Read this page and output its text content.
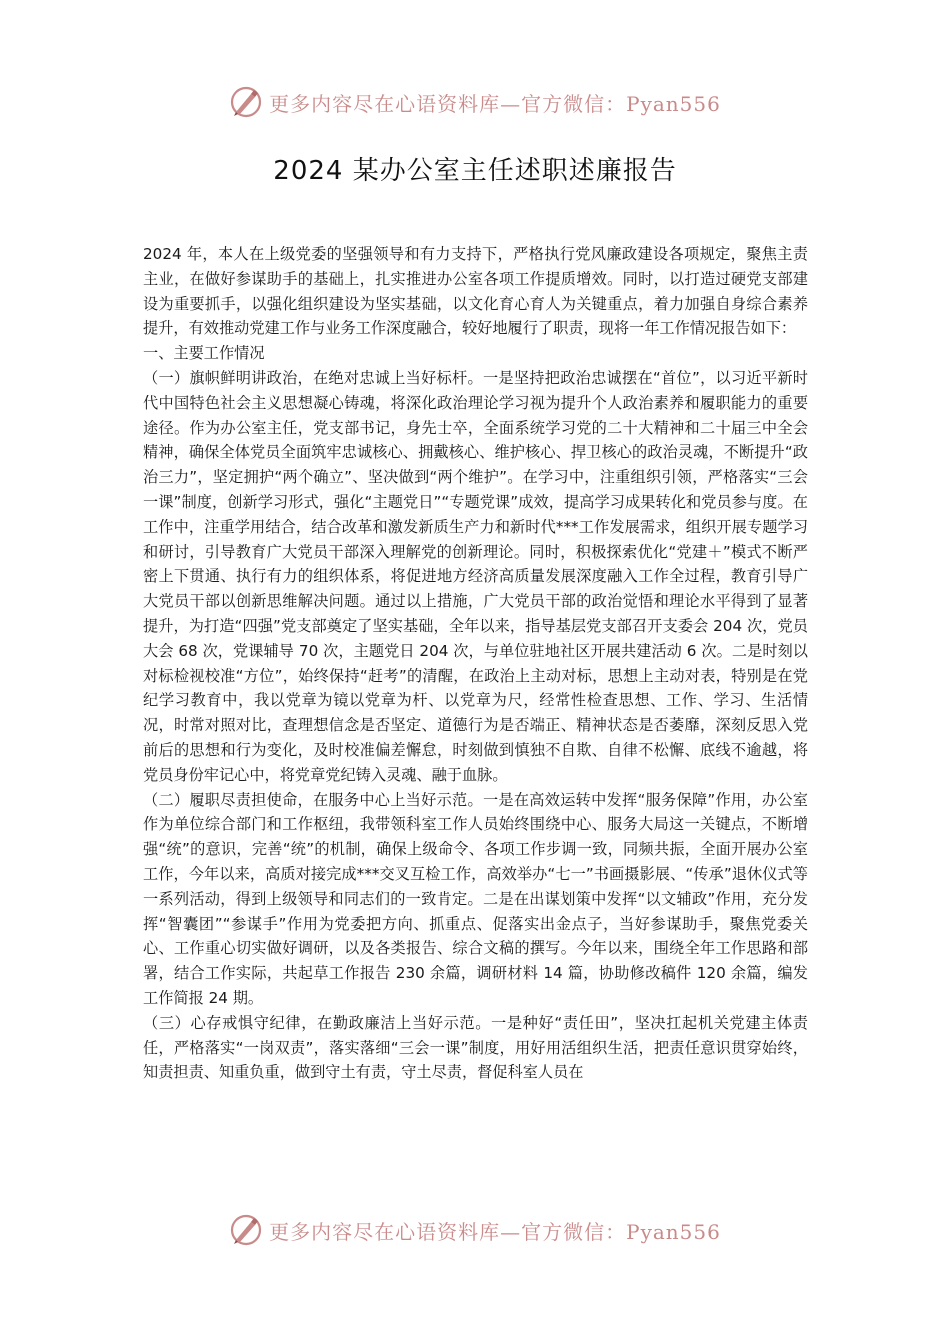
更多内容尽在心语资料库—官方微信：Pyan556
2024 某办公室主任述职述廉报告

2024 年，本人在上级党委的坚强领导和有力支持下，严格执行党风廉政建设各项规定，聚焦主责主业，在做好参谋助手的基础上，扎实推进办公室各项工作提质增效。同时，以打造过硬党支部建设为重要抓手，以强化组织建设为坚实基础，以文化育心育人为关键重点，着力加强自身综合素养提升，有效推动党建工作与业务工作深度融合，较好地履行了职责，现将一年工作情况报告如下：

一、主要工作情况

（一）旗帜鲜明讲政治，在绝对忠诚上当好标杆。一是坚持把政治忠诚摆在“首位”，以习近平新时代中国特色社会主义思想凝心铸魂，将深化政治理论学习视为提升个人政治素养和履职能力的重要途径。作为办公室主任，党支部书记，身先士卒，全面系统学习党的二十大精神和二十届三中全会精神，确保全体党员全面筑牢忠诚核心、拥戴核心、维护核心、捍卫核心的政治灵魂，不断提升“政治三力”，坚定拥护“两个确立”、坚决做到“两个维护”。在学习中，注重组织引领，严格落实“三会一课”制度，创新学习形式，强化“主题党日”“专题党课”成效，提高学习成果转化和党员参与度。在工作中，注重学用结合，结合改革和激发新质生产力和新时代***工作发展需求，组织开展专题学习和研讨，引导教育广大党员干部深入理解党的创新理论。同时，积极探索优化“党建＋”模式不断严密上下贯通、执行有力的组织体系，将促进地方经济高质量发展深度融入工作全过程，教育引导广大党员干部以创新思维解决问题。通过以上措施，广大党员干部的政治觉悟和理论水平得到了显著提升，为打造“四强”党支部奠定了坚实基础，全年以来，指导基层党支部召开支委会 204 次，党员大会 68 次，党课辅导 70 次，主题党日 204 次，与单位驻地社区开展共建活动 6 次。二是时刻以对标检视校准“方位”，始终保持“赶考”的清醒，在政治上主动对标，思想上主动对表，特别是在党纪学习教育中，我以党章为镜以党章为杆、以党章为尺，经常性检查思想、工作、学习、生活情况，时常对照对比，查理想信念是否坚定、道德行为是否端正、精神状态是否萎靡，深刻反思入党前后的思想和行为变化，及时校准偏差懈怠，时刻做到慎独不自欺、自律不松懈、底线不逾越，将党员身份牢记心中，将党章党纪铸入灵魂、融于血脉。

（二）履职尽责担使命，在服务中心上当好示范。一是在高效运转中发挥“服务保障”作用，办公室作为单位综合部门和工作枢纽，我带领科室工作人员始终围绕中心、服务大局这一关键点，不断增强“统”的意识，完善“统”的机制，确保上级命令、各项工作步调一致，同频共振，全面开展办公室工作，今年以来，高质对接完成***交叉互检工作，高效举办“七一”书画摄影展、“传承”退休仪式等一系列活动，得到上级领导和同志们的一致肯定。二是在出谋划策中发挥“以文辅政”作用，充分发挥“智囊团”“参谋手”作用为党委把方向、抓重点、促落实出金点子，当好参谋助手，聚焦党委关心、工作重心切实做好调研，以及各类报告、综合文稿的撰写。今年以来，围绕全年工作思路和部署，结合工作实际，共起草工作报告 230 余篇，调研材料 14 篇，协助修改稿件 120 余篇，编发工作简报 24 期。

（三）心存戒惧守纪律，在勤政廉洁上当好示范。一是种好“责任田”，坚决扛起机关党建主体责任，严格落实“一岗双责”，落实落细“三会一课”制度，用好用活组织生活，把责任意识贯穿始终，知责担责、知重负重，做到守土有责，守土尽责，督促科室人员在

更多内容尽在心语资料库—官方微信：Pyan556
